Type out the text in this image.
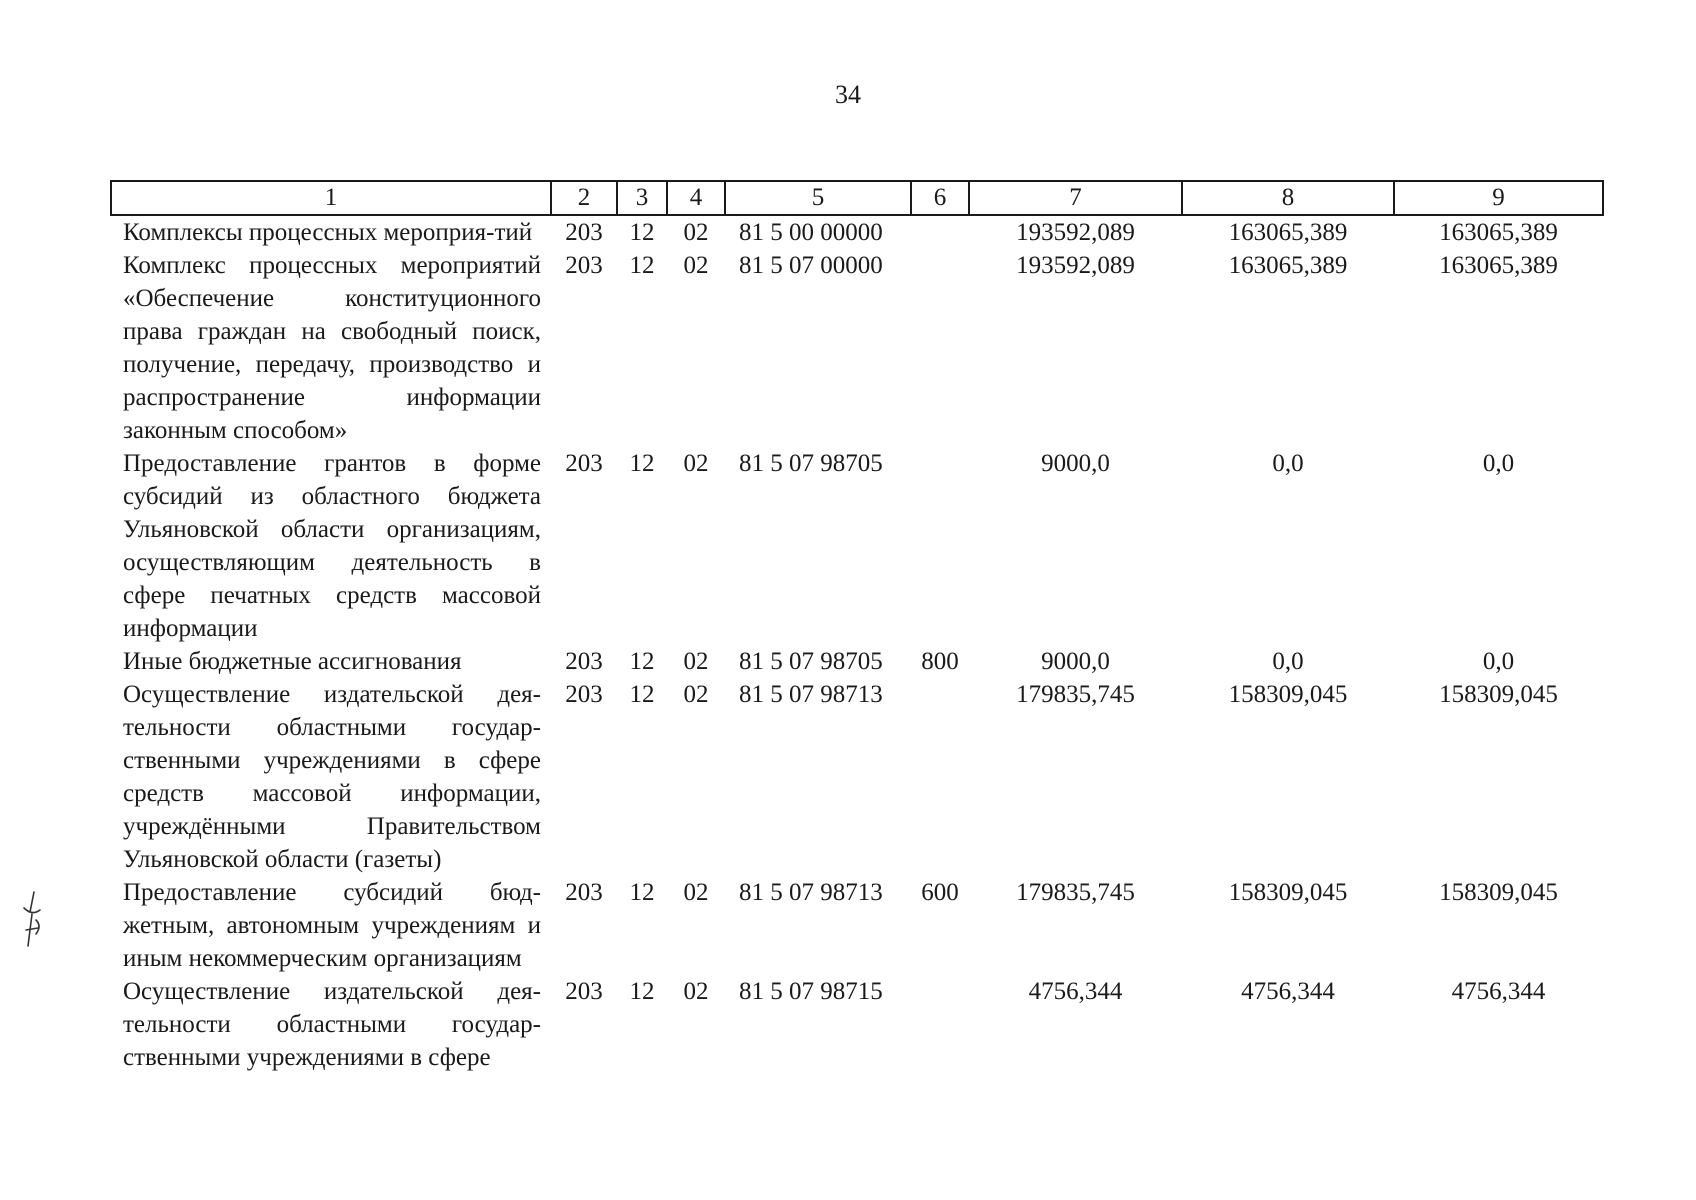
34
1	2	3	4	5	6	7	8	9
Комплексы процессных мероприя-тий	203	12	02	81 5 00 00000		193592,089	163065,389	163065,389
Комплекс процессных мероприятий «Обеспечение конституционного права граждан на свободный поиск, получение, передачу, производство и распространение информации законным способом»	203	12	02	81 5 07 00000		193592,089	163065,389	163065,389
Предоставление грантов в форме субсидий из областного бюджета Ульяновской области организациям, осуществляющим деятельность в сфере печатных средств массовой информации	203	12	02	81 5 07 98705		9000,0	0,0	0,0
Иные бюджетные ассигнования	203	12	02	81 5 07 98705	800	9000,0	0,0	0,0
Осуществление издательской деятельности областными государственными учреждениями в сфере средств массовой информации, учреждёнными Правительством Ульяновской области (газеты)	203	12	02	81 5 07 98713		179835,745	158309,045	158309,045
Предоставление субсидий бюджетным, автономным учреждениям и иным некоммерческим организациям	203	12	02	81 5 07 98713	600	179835,745	158309,045	158309,045
Осуществление издательской деятельности областными государственными учреждениями в сфере	203	12	02	81 5 07 98715		4756,344	4756,344	4756,344
